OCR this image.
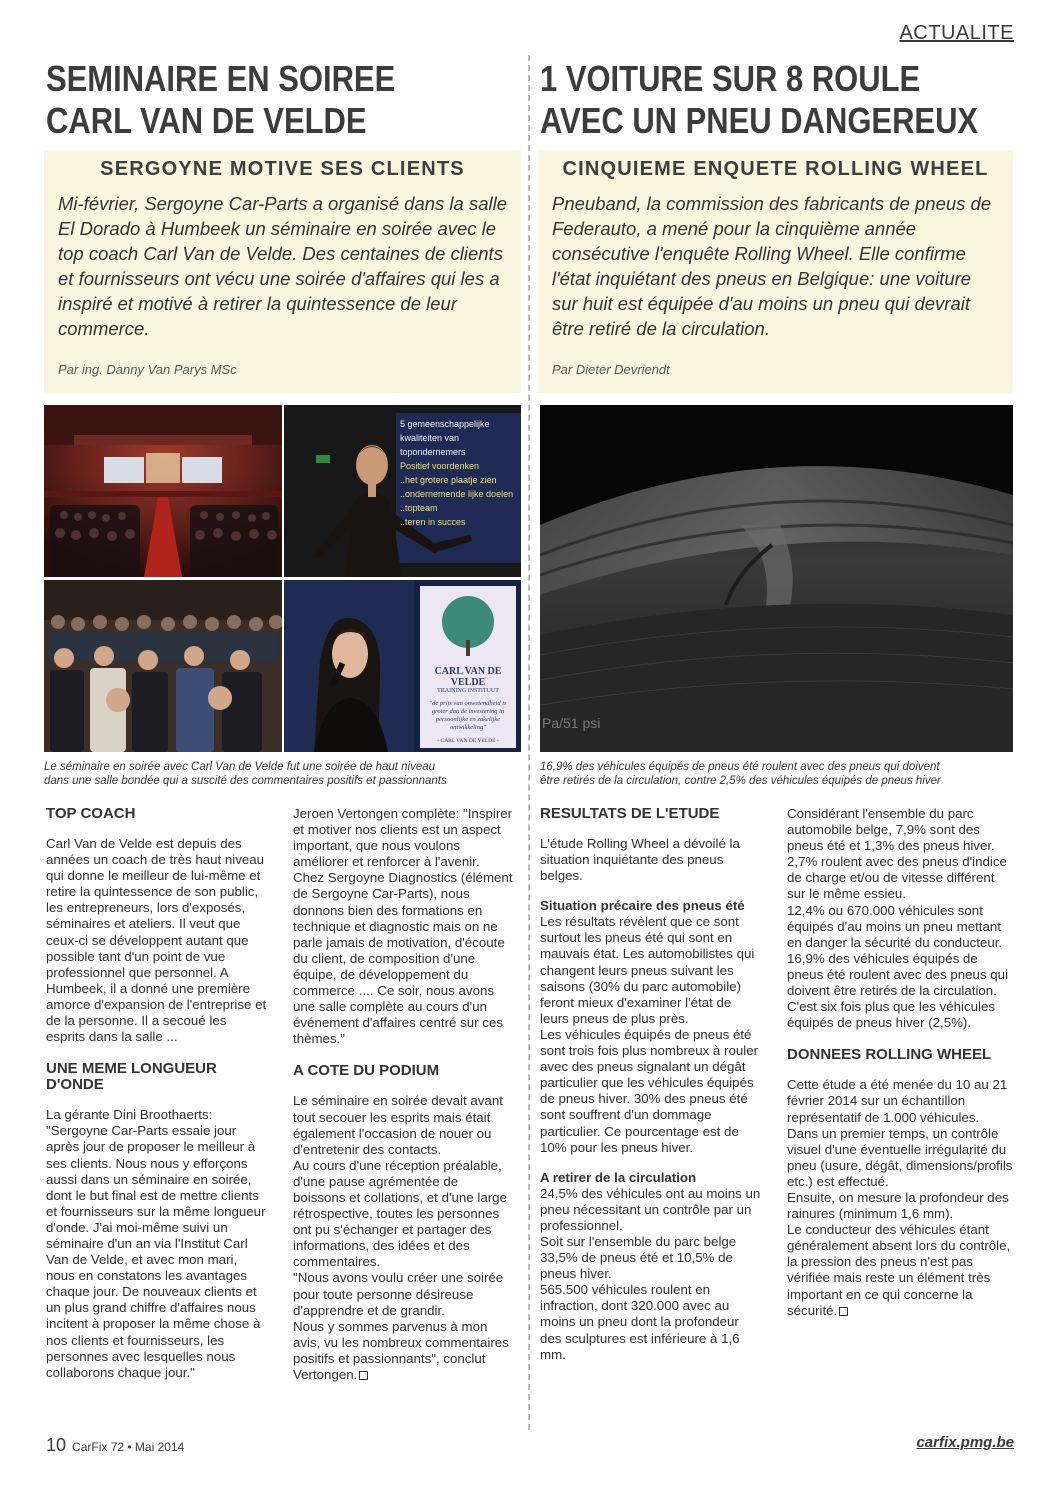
ACTUALITE
SEMINAIRE EN SOIREE
CARL VAN DE VELDE
SERGOYNE MOTIVE SES CLIENTS

Mi-février, Sergoyne Car-Parts a organisé dans la salle El Dorado à Humbeek un séminaire en soirée avec le top coach Carl Van de Velde. Des centaines de clients et fournisseurs ont vécu une soirée d'affaires qui les a inspiré et motivé à retirer la quintessence de leur commerce.

Par ing. Danny Van Parys MSc

5 gemeenschappelijke
kwaliteiten van topondernemers
Positief voordenken
..het grotere plaatje zien
..ondernemende lijke doelen
..topteam
..teren in succes
CARL VAN DE VELDE
TRAINING INSTITUUT
"de prijs van onwetendheid is groter dan de investering in persoonlijke en zakelijke ontwikkeling"
- CARL VAN DE VELDE -
Le séminaire en soirée avec Carl Van de Velde fut une soirée de haut niveau
dans une salle bondée qui a suscité des commentaires positifs et passionnants
TOP COACH

Carl Van de Velde est depuis des années un coach de très haut niveau qui donne le meilleur de lui-même et retire la quintessence de son public, les entrepreneurs, lors d'exposés, séminaires et ateliers. Il veut que ceux-ci se développent autant que possible tant d'un point de vue professionnel que personnel. A Humbeek, il a donné une première amorce d'expansion de l'entreprise et de la personne. Il a secoué les esprits dans la salle ...

UNE MEME LONGUEUR D'ONDE

La gérante Dini Broothaerts: "Sergoyne Car-Parts essaie jour après jour de proposer le meilleur à ses clients. Nous nous y efforçons aussi dans un séminaire en soirée, dont le but final est de mettre clients et fournisseurs sur la même longueur d'onde. J'ai moi-même suivi un séminaire d'un an via l'Institut Carl Van de Velde, et avec mon mari, nous en constatons les avantages chaque jour. De nouveaux clients et un plus grand chiffre d'affaires nous incitent à proposer la même chose à nos clients et fournisseurs, les personnes avec lesquelles nous collaborons chaque jour."

Jeroen Vertongen complète: "Inspirer et motiver nos clients est un aspect important, que nous voulons améliorer et renforcer à l'avenir. Chez Sergoyne Diagnostics (élément de Sergoyne Car-Parts), nous donnons bien des formations en technique et diagnostic mais on ne parle jamais de motivation, d'écoute du client, de composition d'une équipe, de développement du commerce .... Ce soir, nous avons une salle complète au cours d'un événement d'affaires centré sur ces thèmes."

A COTE DU PODIUM

Le séminaire en soirée devait avant tout secouer les esprits mais était également l'occasion de nouer ou d'entretenir des contacts.

Au cours d'une réception préalable, d'une pause agrémentée de boissons et collations, et d'une large rétrospective, toutes les personnes ont pu s'échanger et partager des informations, des idées et des commentaires.

"Nous avons voulu créer une soirée pour toute personne désireuse d'apprendre et de grandir.

Nous y sommes parvenus à mon avis, vu les nombreux commentaires positifs et passionnants", conclut Vertongen.

1 VOITURE SUR 8 ROULE
AVEC UN PNEU DANGEREUX
CINQUIEME ENQUETE ROLLING WHEEL

Pneuband, la commission des fabricants de pneus de Federauto, a mené pour la cinquième année consécutive l'enquête Rolling Wheel. Elle confirme l'état inquiétant des pneus en Belgique: une voiture sur huit est équipée d'au moins un pneu qui devrait être retiré de la circulation.

Par Dieter Devriendt

Pa/51 psi
16,9% des véhicules équipés de pneus été roulent avec des pneus qui doivent
être retirés de la circulation, contre 2,5% des véhicules équipés de pneus hiver
RESULTATS DE L'ETUDE

L'étude Rolling Wheel a dévoilé la situation inquiétante des pneus belges.

Situation précaire des pneus été

Les résultats révèlent que ce sont surtout les pneus été qui sont en mauvais état. Les automobilistes qui changent leurs pneus suivant les saisons (30% du parc automobile) feront mieux d'examiner l'état de leurs pneus de plus près.

Les véhicules équipés de pneus été sont trois fois plus nombreux à rouler avec des pneus signalant un dégât particulier que les véhicules équipés de pneus hiver. 30% des pneus été sont souffrent d'un dommage particulier. Ce pourcentage est de 10% pour les pneus hiver.

A retirer de la circulation

24,5% des véhicules ont au moins un pneu nécessitant un contrôle par un professionnel.

Soit sur l'ensemble du parc belge 33,5% de pneus été et 10,5% de pneus hiver.

565.500 véhicules roulent en infraction, dont 320.000 avec au moins un pneu dont la profondeur des sculptures est inférieure à 1,6 mm.

Considérant l'ensemble du parc automobile belge, 7,9% sont des pneus été et 1,3% des pneus hiver.

2,7% roulent avec des pneus d'indice de charge et/ou de vitesse différent sur le même essieu.

12,4% ou 670.000 véhicules sont équipés d'au moins un pneu mettant en danger la sécurité du conducteur.

16,9% des véhicules équipés de pneus été roulent avec des pneus qui doivent être retirés de la circulation.

C'est six fois plus que les véhicules équipés de pneus hiver (2,5%).

DONNEES ROLLING WHEEL

Cette étude a été menée du 10 au 21 février 2014 sur un échantillon représentatif de 1.000 véhicules.

Dans un premier temps, un contrôle visuel d'une éventuelle irrégularité du pneu (usure, dégât, dimensions/profils etc.) est effectué.

Ensuite, on mesure la profondeur des rainures (minimum 1,6 mm).

Le conducteur des véhicules étant généralement absent lors du contrôle, la pression des pneus n'est pas vérifiée mais reste un élément très important en ce qui concerne la sécurité.

10 CarFix 72 • Mai 2014	carfix.pmg.be
